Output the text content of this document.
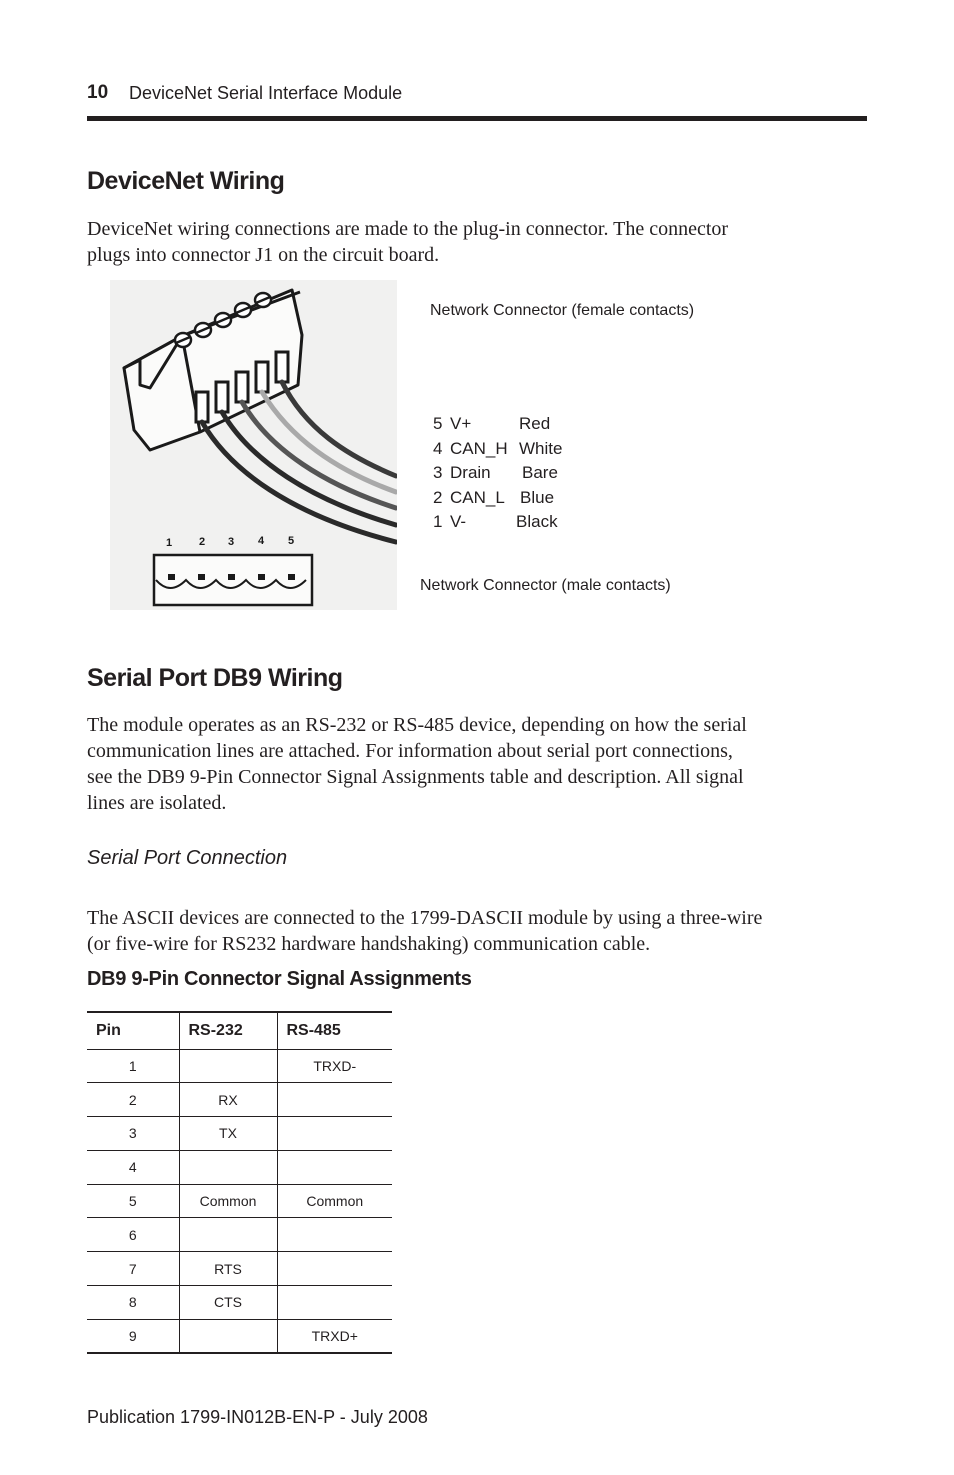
10 DeviceNet Serial Interface Module
DeviceNet Wiring
DeviceNet wiring connections are made to the plug-in connector. The connector
plugs into connector J1 on the circuit board.
1 2 3 4 5
Network Connector (female contacts)
5 V+	Red
4 CAN_H White
3 Drain Bare
2 CAN_L Blue
1 V-	Black
Network Connector (male contacts)
Serial Port DB9 Wiring
The module operates as an RS-232 or RS-485 device, depending on how the serial
communication lines are attached. For information about serial port connections,
see the DB9 9-Pin Connector Signal Assignments table and description. All signal
lines are isolated.
Serial Port Connection
The ASCII devices are connected to the 1799-DASCII module by using a three-wire
(or five-wire for RS232 hardware handshaking) communication cable.
DB9 9-Pin Connector Signal Assignments
Pin	RS-232	RS-485
1		TRXD-
2	RX	
3	TX	
4		
5	Common	Common
6		
7	RTS	
8	CTS	
9		TRXD+
Publication 1799-IN012B-EN-P - July 2008
